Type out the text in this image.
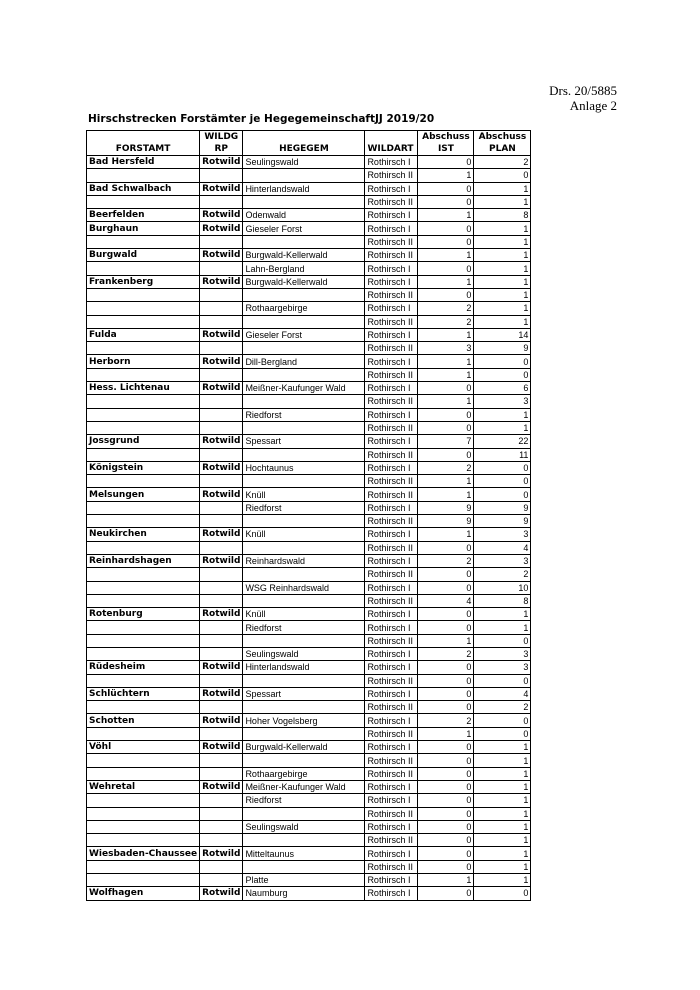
Drs. 20/5885
Anlage 2
Hirschstrecken Forstämter je HegegemeinschaftJJ 2019/20
	WILDG			Abschuss	Abschuss
FORSTAMT	RP	HEGEGEM	WILDART	IST	PLAN
Bad Hersfeld	Rotwild	Seulingswald	Rothirsch I	0	2
			Rothirsch II	1	0
Bad Schwalbach	Rotwild	Hinterlandswald	Rothirsch I	0	1
			Rothirsch II	0	1
Beerfelden	Rotwild	Odenwald	Rothirsch I	1	8
Burghaun	Rotwild	Gieseler Forst	Rothirsch I	0	1
			Rothirsch II	0	1
Burgwald	Rotwild	Burgwald-Kellerwald	Rothirsch II	1	1
		Lahn-Bergland	Rothirsch I	0	1
Frankenberg	Rotwild	Burgwald-Kellerwald	Rothirsch I	1	1
			Rothirsch II	0	1
		Rothaargebirge	Rothirsch I	2	1
			Rothirsch II	2	1
Fulda	Rotwild	Gieseler Forst	Rothirsch I	1	14
			Rothirsch II	3	9
Herborn	Rotwild	Dill-Bergland	Rothirsch I	1	0
			Rothirsch II	1	0
Hess. Lichtenau	Rotwild	Meißner-Kaufunger Wald	Rothirsch I	0	6
			Rothirsch II	1	3
		Riedforst	Rothirsch I	0	1
			Rothirsch II	0	1
Jossgrund	Rotwild	Spessart	Rothirsch I	7	22
			Rothirsch II	0	11
Königstein	Rotwild	Hochtaunus	Rothirsch I	2	0
			Rothirsch II	1	0
Melsungen	Rotwild	Knüll	Rothirsch II	1	0
		Riedforst	Rothirsch I	9	9
			Rothirsch II	9	9
Neukirchen	Rotwild	Knüll	Rothirsch I	1	3
			Rothirsch II	0	4
Reinhardshagen	Rotwild	Reinhardswald	Rothirsch I	2	3
			Rothirsch II	0	2
		WSG Reinhardswald	Rothirsch I	0	10
			Rothirsch II	4	8
Rotenburg	Rotwild	Knüll	Rothirsch I	0	1
		Riedforst	Rothirsch I	0	1
			Rothirsch II	1	0
		Seulingswald	Rothirsch I	2	3
Rüdesheim	Rotwild	Hinterlandswald	Rothirsch I	0	3
			Rothirsch II	0	0
Schlüchtern	Rotwild	Spessart	Rothirsch I	0	4
			Rothirsch II	0	2
Schotten	Rotwild	Hoher Vogelsberg	Rothirsch I	2	0
			Rothirsch II	1	0
Vöhl	Rotwild	Burgwald-Kellerwald	Rothirsch I	0	1
			Rothirsch II	0	1
		Rothaargebirge	Rothirsch II	0	1
Wehretal	Rotwild	Meißner-Kaufunger Wald	Rothirsch I	0	1
		Riedforst	Rothirsch I	0	1
			Rothirsch II	0	1
		Seulingswald	Rothirsch I	0	1
			Rothirsch II	0	1
Wiesbaden-Chaussee	Rotwild	Mitteltaunus	Rothirsch I	0	1
			Rothirsch II	0	1
		Platte	Rothirsch I	1	1
Wolfhagen	Rotwild	Naumburg	Rothirsch I	0	0
